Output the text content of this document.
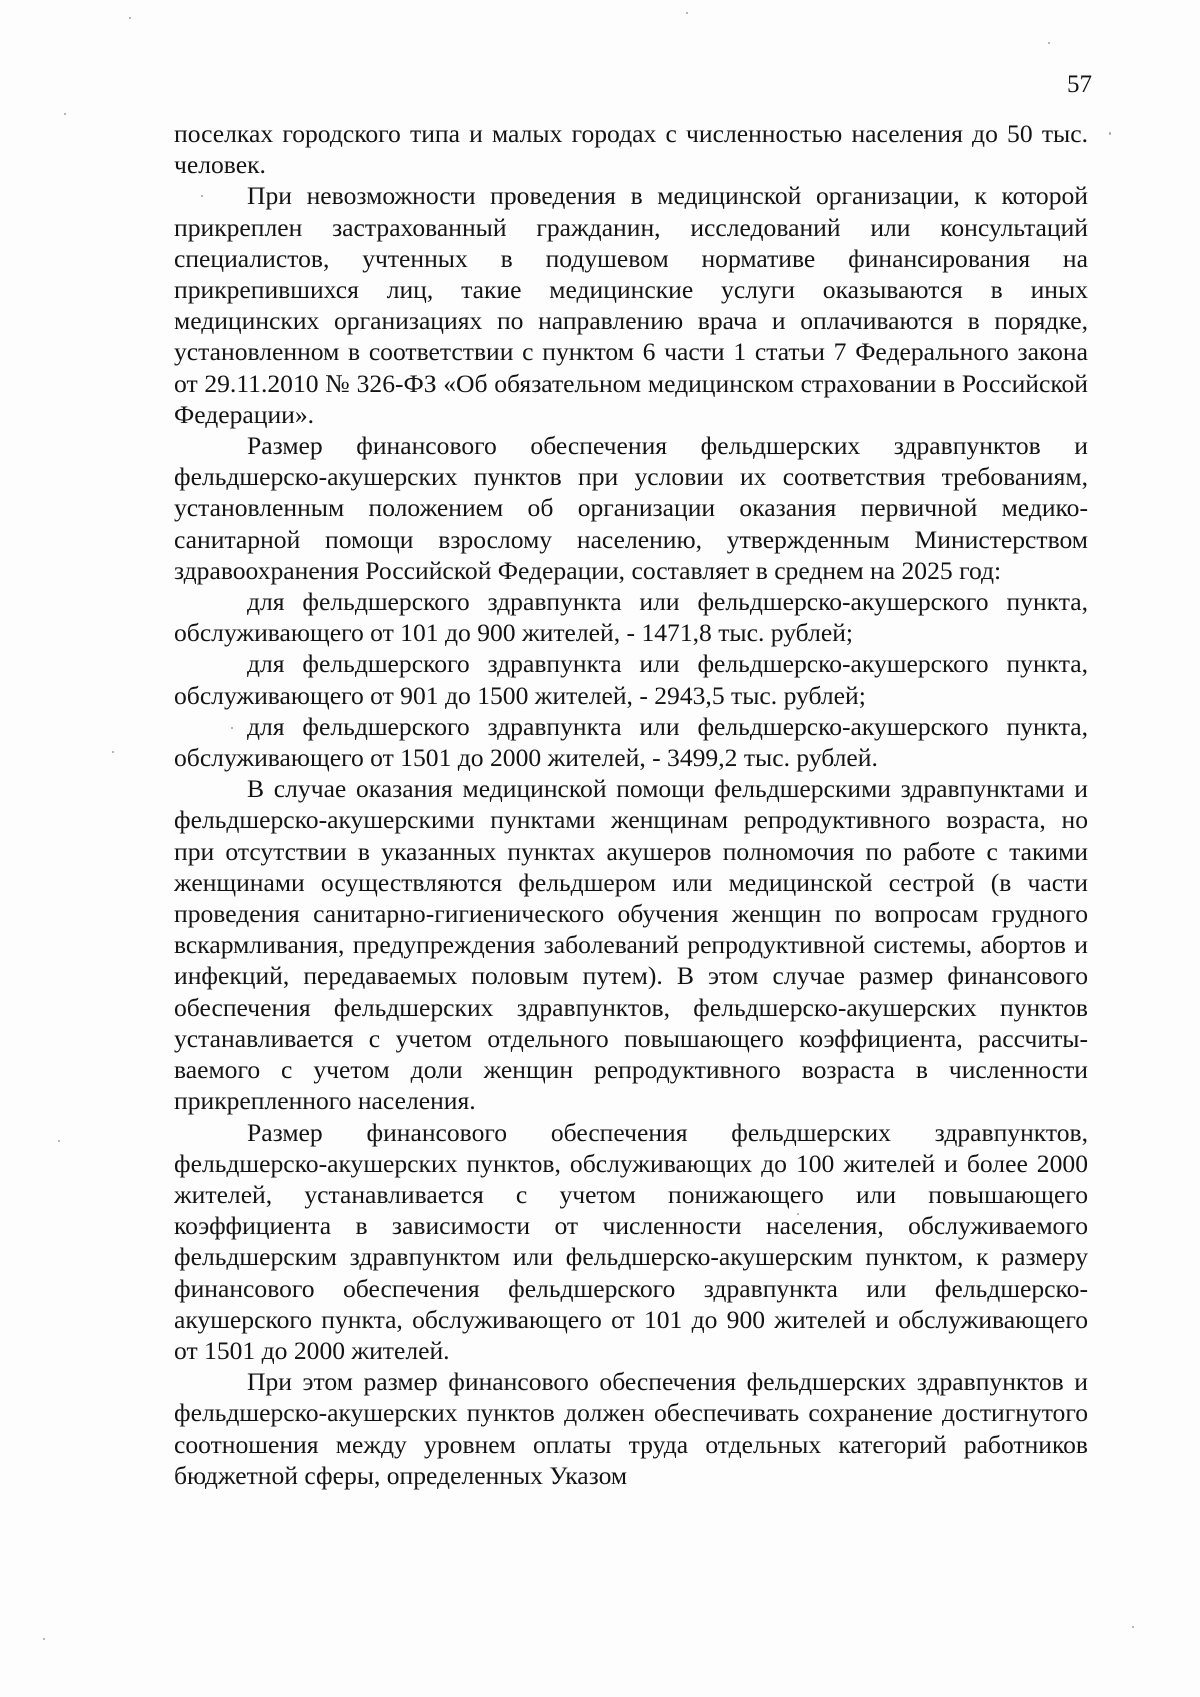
57

поселках городского типа и малых городах с численностью населения до 50 тыс. человек.

При невозможности проведения в медицинской организации, к которой прикреплен застрахованный гражданин, исследований или консультаций специалистов, учтенных в подушевом нормативе финансирования на прикрепившихся лиц, такие медицинские услуги оказываются в иных медицинских организациях по направлению врача и оплачиваются в порядке, установленном в соответствии с пунктом 6 части 1 статьи 7 Федерального закона от 29.11.2010 № 326-ФЗ «Об обязательном медицинском страховании в Российской Федерации».

Размер финансового обеспечения фельдшерских здравпунктов и фельдшерско-акушерских пунктов при условии их соответствия требованиям, установленным положением об организации оказания первичной медико-санитарной помощи взрослому населению, утвержденным Министерством здравоохранения Российской Федерации, составляет в среднем на 2025 год:

для фельдшерского здравпункта или фельдшерско-акушерского пункта, обслуживающего от 101 до 900 жителей, - 1471,8 тыс. рублей;

для фельдшерского здравпункта или фельдшерско-акушерского пункта, обслуживающего от 901 до 1500 жителей, - 2943,5 тыс. рублей;

для фельдшерского здравпункта или фельдшерско-акушерского пункта, обслуживающего от 1501 до 2000 жителей, - 3499,2 тыс. рублей.

В случае оказания медицинской помощи фельдшерскими здравпунктами и фельдшерско-акушерскими пунктами женщинам репродуктивного возраста, но при отсутствии в указанных пунктах акушеров полномочия по работе с такими женщинами осуществляются фельдшером или медицинской сестрой (в части проведения санитарно-гигиенического обучения женщин по вопросам грудного вскармливания, предупреждения заболеваний репродуктивной системы, абортов и инфекций, передаваемых половым путем). В этом случае размер финансового обеспечения фельдшерских здравпунктов, фельдшерско-акушерских пунктов устанавливается с учетом отдельного повышающего коэффициента, рассчитываемого с учетом доли женщин репродуктивного возраста в численности прикрепленного населения.

Размер финансового обеспечения фельдшерских здравпунктов, фельдшерско-акушерских пунктов, обслуживающих до 100 жителей и более 2000 жителей, устанавливается с учетом понижающего или повышающего коэффициента в зависимости от численности населения, обслуживаемого фельдшерским здравпунктом или фельдшерско-акушерским пунктом, к размеру финансового обеспечения фельдшерского здравпункта или фельдшерско-акушерского пункта, обслуживающего от 101 до 900 жителей и обслуживающего от 1501 до 2000 жителей.

При этом размер финансового обеспечения фельдшерских здравпунктов и фельдшерско-акушерских пунктов должен обеспечивать сохранение достигнутого соотношения между уровнем оплаты труда отдельных категорий работников бюджетной сферы, определенных Указом
